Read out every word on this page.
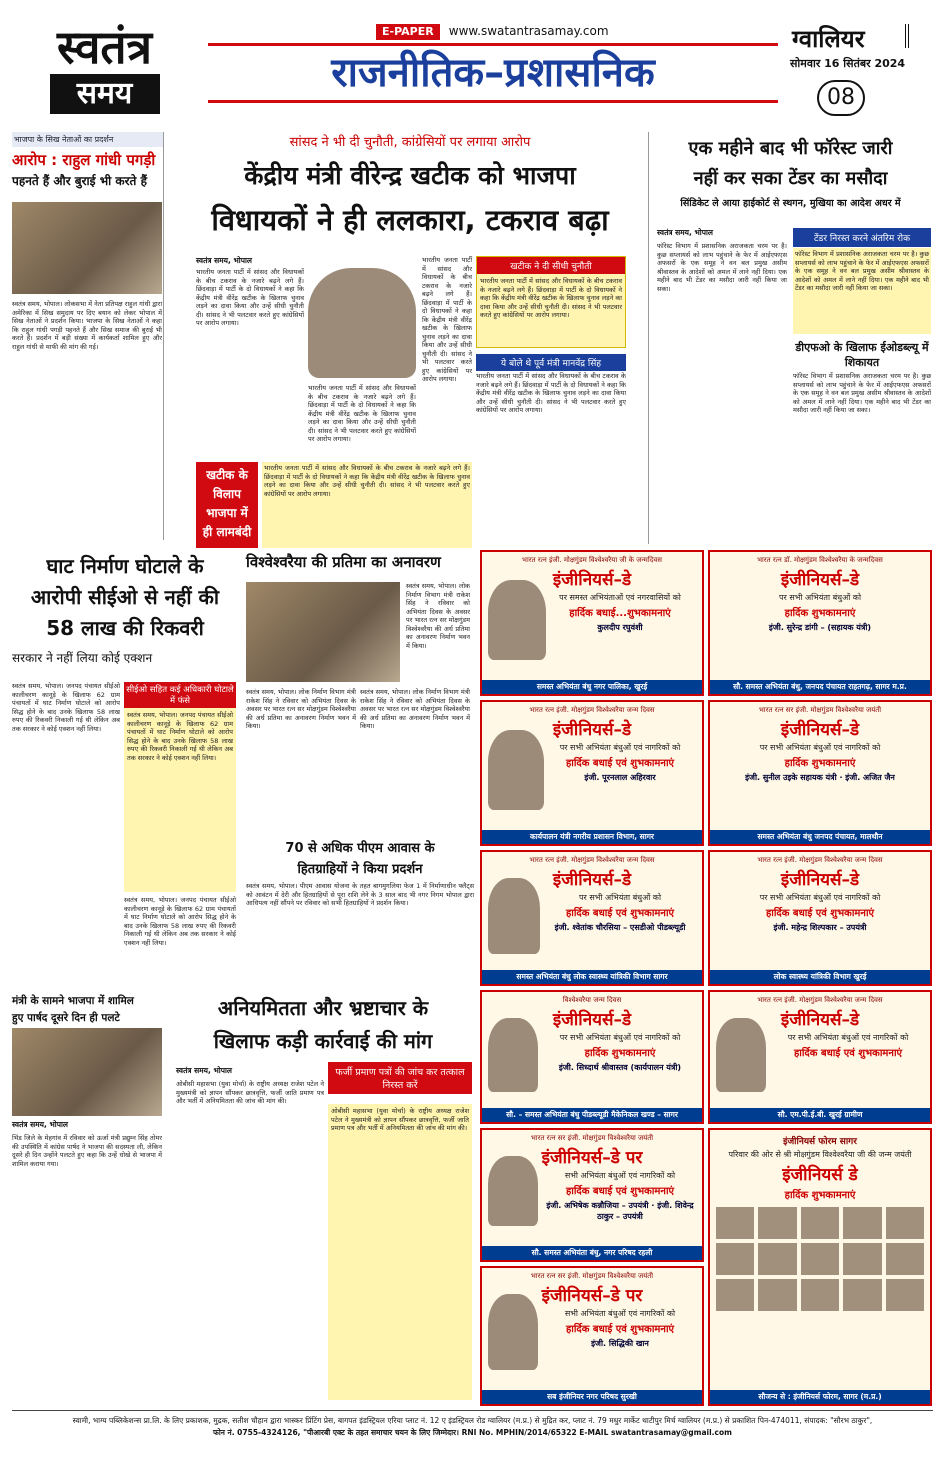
स्वतंत्र
समय
E-PAPER www.swatantrasamay.com
राजनीतिक–प्रशासनिक
ग्वालियर
सोमवार 16 सितंबर 2024
08
भाजपा के सिख नेताओं का प्रदर्शन
आरोप : राहुल गांधी पगड़ी
पहनते हैं और बुराई भी करते हैं
स्वतंत्र समय, भोपाल। लोकसभा में नेता प्रतिपक्ष राहुल गांधी द्वारा अमेरिका में सिख समुदाय पर दिए बयान को लेकर भोपाल में सिख नेताओं ने प्रदर्शन किया। भाजपा के सिख नेताओं ने कहा कि राहुल गांधी पगड़ी पहनते हैं और सिख समाज की बुराई भी करते हैं। प्रदर्शन में बड़ी संख्या में कार्यकर्ता शामिल हुए और राहुल गांधी से माफी की मांग की गई।
सांसद ने भी दी चुनौती, कांग्रेसियों पर लगाया आरोप
केंद्रीय मंत्री वीरेन्द्र खटीक को भाजपा
विधायकों ने ही ललकारा, टकराव बढ़ा
स्वतंत्र समय, भोपाल
भारतीय जनता पार्टी में सांसद और विधायकों के बीच टकराव के नजारे बढ़ने लगे हैं। छिंदवाड़ा में पार्टी के दो विधायकों ने कहा कि केंद्रीय मंत्री वीरेंद्र खटीक के खिलाफ चुनाव लड़ने का दावा किया और उन्हें सीधी चुनौती दी। सांसद ने भी पलटवार करते हुए कांग्रेसियों पर आरोप लगाया।
भारतीय जनता पार्टी में सांसद और विधायकों के बीच टकराव के नजारे बढ़ने लगे हैं। छिंदवाड़ा में पार्टी के दो विधायकों ने कहा कि केंद्रीय मंत्री वीरेंद्र खटीक के खिलाफ चुनाव लड़ने का दावा किया और उन्हें सीधी चुनौती दी। सांसद ने भी पलटवार करते हुए कांग्रेसियों पर आरोप लगाया।
भारतीय जनता पार्टी में सांसद और विधायकों के बीच टकराव के नजारे बढ़ने लगे हैं। छिंदवाड़ा में पार्टी के दो विधायकों ने कहा कि केंद्रीय मंत्री वीरेंद्र खटीक के खिलाफ चुनाव लड़ने का दावा किया और उन्हें सीधी चुनौती दी। सांसद ने भी पलटवार करते हुए कांग्रेसियों पर आरोप लगाया।
खटीक ने दी सीधी चुनौती
भारतीय जनता पार्टी में सांसद और विधायकों के बीच टकराव के नजारे बढ़ने लगे हैं। छिंदवाड़ा में पार्टी के दो विधायकों ने कहा कि केंद्रीय मंत्री वीरेंद्र खटीक के खिलाफ चुनाव लड़ने का दावा किया और उन्हें सीधी चुनौती दी। सांसद ने भी पलटवार करते हुए कांग्रेसियों पर आरोप लगाया।
ये बोले थे पूर्व मंत्री मानवेंद्र सिंह
भारतीय जनता पार्टी में सांसद और विधायकों के बीच टकराव के नजारे बढ़ने लगे हैं। छिंदवाड़ा में पार्टी के दो विधायकों ने कहा कि केंद्रीय मंत्री वीरेंद्र खटीक के खिलाफ चुनाव लड़ने का दावा किया और उन्हें सीधी चुनौती दी। सांसद ने भी पलटवार करते हुए कांग्रेसियों पर आरोप लगाया।
खटीक के
विलाप
भाजपा में
ही लामबंदी
भारतीय जनता पार्टी में सांसद और विधायकों के बीच टकराव के नजारे बढ़ने लगे हैं। छिंदवाड़ा में पार्टी के दो विधायकों ने कहा कि केंद्रीय मंत्री वीरेंद्र खटीक के खिलाफ चुनाव लड़ने का दावा किया और उन्हें सीधी चुनौती दी। सांसद ने भी पलटवार करते हुए कांग्रेसियों पर आरोप लगाया।
एक महीने बाद भी फॉरेस्ट जारी
नहीं कर सका टेंडर का मसौदा
सिंडिकेट ले आया हाईकोर्ट से स्थगन, मुखिया का आदेश अधर में
स्वतंत्र समय, भोपाल
फॉरेस्ट विभाग में प्रशासनिक अराजकता चरम पर है। कुछ सप्लायर्स को लाभ पहुंचाने के फेर में आईएफएस अफसरों के एक समूह ने वन बल प्रमुख असीम श्रीवास्तव के आदेशों को अमल में लाने नहीं दिया। एक महीने बाद भी टेंडर का मसौदा जारी नहीं किया जा सका।
टेंडर निरस्त करने अंतरिम रोक
फॉरेस्ट विभाग में प्रशासनिक अराजकता चरम पर है। कुछ सप्लायर्स को लाभ पहुंचाने के फेर में आईएफएस अफसरों के एक समूह ने वन बल प्रमुख असीम श्रीवास्तव के आदेशों को अमल में लाने नहीं दिया। एक महीने बाद भी टेंडर का मसौदा जारी नहीं किया जा सका।
डीएफओ के खिलाफ ईओडब्ल्यू में शिकायत
फॉरेस्ट विभाग में प्रशासनिक अराजकता चरम पर है। कुछ सप्लायर्स को लाभ पहुंचाने के फेर में आईएफएस अफसरों के एक समूह ने वन बल प्रमुख असीम श्रीवास्तव के आदेशों को अमल में लाने नहीं दिया। एक महीने बाद भी टेंडर का मसौदा जारी नहीं किया जा सका।
घाट निर्माण घोटाले के
आरोपी सीईओ से नहीं की
58 लाख की रिकवरी
सरकार ने नहीं लिया कोई एक्शन
स्वतंत्र समय, भोपाल। जनपद पंचायत सीईओ कालीचरण कानूड़े के खिलाफ 62 ग्राम पंचायतों में घाट निर्माण घोटाले को आरोप सिद्ध होने के बाद उनके खिलाफ 58 लाख रुपए की रिकवरी निकाली गई थी लेकिन अब तक सरकार ने कोई एक्शन नहीं लिया।
सीईओ सहित कई अधिकारी घोटाले में फंसे
स्वतंत्र समय, भोपाल। जनपद पंचायत सीईओ कालीचरण कानूड़े के खिलाफ 62 ग्राम पंचायतों में घाट निर्माण घोटाले को आरोप सिद्ध होने के बाद उनके खिलाफ 58 लाख रुपए की रिकवरी निकाली गई थी लेकिन अब तक सरकार ने कोई एक्शन नहीं लिया।
स्वतंत्र समय, भोपाल। जनपद पंचायत सीईओ कालीचरण कानूड़े के खिलाफ 62 ग्राम पंचायतों में घाट निर्माण घोटाले को आरोप सिद्ध होने के बाद उनके खिलाफ 58 लाख रुपए की रिकवरी निकाली गई थी लेकिन अब तक सरकार ने कोई एक्शन नहीं लिया।
विश्वेश्वरैया की प्रतिमा का अनावरण
स्वतंत्र समय, भोपाल। लोक निर्माण विभाग मंत्री राकेश सिंह ने रविवार को अभियंता दिवस के अवसर पर भारत रत्न सर मोक्षगुंडम विश्वेश्वरैया की अर्ध प्रतिमा का अनावरण निर्माण भवन में किया।
स्वतंत्र समय, भोपाल। लोक निर्माण विभाग मंत्री राकेश सिंह ने रविवार को अभियंता दिवस के अवसर पर भारत रत्न सर मोक्षगुंडम विश्वेश्वरैया की अर्ध प्रतिमा का अनावरण निर्माण भवन में किया।
स्वतंत्र समय, भोपाल। लोक निर्माण विभाग मंत्री राकेश सिंह ने रविवार को अभियंता दिवस के अवसर पर भारत रत्न सर मोक्षगुंडम विश्वेश्वरैया की अर्ध प्रतिमा का अनावरण निर्माण भवन में किया।
70 से अधिक पीएम आवास के
हितग्राहियों ने किया प्रदर्शन
स्वतंत्र समय, भोपाल। पीएम आवास योजना के तहत बागमुगलिया फेज 1 में निर्माणाधीन फ्लैट्स को आवंटन में देरी और हितग्राहियों से पूरा राशि लेने के 3 साल बाद भी नगर निगम भोपाल द्वारा आधिपत्य नहीं सौंपने पर रविवार को सभी हितग्राहियों ने प्रदर्शन किया।
मंत्री के सामने भाजपा में शामिल
हुए पार्षद दूसरे दिन ही पलटे
स्वतंत्र समय, भोपाल
भिंड जिले के मेहगांव में रविवार को ऊर्जा मंत्री प्रद्युम्न सिंह तोमर की उपस्थिति में कांग्रेस पार्षद ने भाजपा की सदस्यता ली, लेकिन दूसरे ही दिन उन्होंने पलटते हुए कहा कि उन्हें धोखे से भाजपा में शामिल कराया गया।
अनियमितता और भ्रष्टाचार के
खिलाफ कड़ी कार्रवाई की मांग
स्वतंत्र समय, भोपाल
ओबीसी महासभा (युवा मोर्चा) के राष्ट्रीय अध्यक्ष राजेश पटेल ने मुख्यमंत्री को ज्ञापन सौंपकर छात्रवृत्ति, फर्जी जाति प्रमाण पत्र और भर्ती में अनियमितता की जांच की मांग की।
फर्जी प्रमाण पत्रों की जांच कर तत्काल निरस्त करें
ओबीसी महासभा (युवा मोर्चा) के राष्ट्रीय अध्यक्ष राजेश पटेल ने मुख्यमंत्री को ज्ञापन सौंपकर छात्रवृत्ति, फर्जी जाति प्रमाण पत्र और भर्ती में अनियमितता की जांच की मांग की।
भारत रत्न इंजी. मोक्षगुंडम विश्वेश्वरैया जी के जन्मदिवस
इंजीनियर्स–डे
पर समस्त अभियंताओं एवं नगरवासियों को
हार्दिक बधाई...शुभकामनाएं
कुलदीप रघुवंशी
समस्त अभियंता बंधु नगर पालिका, खुरई
भारत रत्न डॉ. मोक्षगुंडम विश्वेश्वरैया के जन्मदिवस
इंजीनियर्स–डे
पर सभी अभियंता बंधुओं को
हार्दिक शुभकामनाएं
इंजी. सुरेन्द्र डांगी – (सहायक यंत्री)
सौ. समस्त अभियंता बंधु, जनपद पंचायत राहतगढ़, सागर म.प्र.
भारत रत्न इंजी. मोक्षगुंडम विश्वेश्वरैया जन्म दिवस
इंजीनियर्स–डे
पर सभी अभियंता बंधुओं एवं नागरिकों को
हार्दिक बधाई एवं शुभकामनाएं
इंजी. पूरनलाल अहिरवार
कार्यपालन यंत्री नगरीय प्रशासन विभाग, सागर
भारत रत्न सर इंजी. मोक्षगुंडम विश्वेश्वरैया जयंती
इंजीनियर्स–डे
पर सभी अभियंता बंधुओं एवं नागरिकों को
हार्दिक शुभकामनाएं
इंजी. सुनील उइके सहायक यंत्री · इंजी. अजित जैन
समस्त अभियंता बंधु जनपद पंचायत, मालथौन
भारत रत्न इंजी. मोक्षगुंडम विश्वेश्वरैया जन्म दिवस
इंजीनियर्स–डे
पर सभी अभियंता बंधुओं को
हार्दिक बधाई एवं शुभकामनाएं
इंजी. श्वेतांक चौरसिया – एसडीओ पीडब्ल्यूडी
समस्त अभियंता बंधु लोक स्वास्थ्य यांत्रिकी विभाग सागर
भारत रत्न इंजी. मोक्षगुंडम विश्वेश्वरैया जन्म दिवस
इंजीनियर्स–डे
पर सभी अभियंता बंधुओं एवं नागरिकों को
हार्दिक बधाई एवं शुभकामनाएं
इंजी. महेन्द्र शिल्पकार – उपयंत्री
लोक स्वास्थ्य यांत्रिकी विभाग खुरई
विश्वेश्वरैया जन्म दिवस
इंजीनियर्स–डे
पर सभी अभियंता बंधुओं एवं नागरिकों को
हार्दिक शुभकामनाएं
इंजी. सिध्दार्थ श्रीवास्तव (कार्यपालन यंत्री)
सौ. – समस्त अभियंता बंधु पीडब्ल्यूडी मैकेनिकल खण्ड – सागर
भारत रत्न इंजी. मोक्षगुंडम विश्वेश्वरैया जन्म दिवस
इंजीनियर्स–डे
पर सभी अभियंता बंधुओं एवं नागरिकों को
हार्दिक बधाई एवं शुभकामनाएं
सौ. एम.पी.ई.बी. खुरई ग्रामीण
भारत रत्न सर इंजी. मोक्षगुंडम विश्वेश्वरैया जयंती
इंजीनियर्स–डे पर
सभी अभियंता बंधुओं एवं नागरिकों को
हार्दिक बधाई एवं शुभकामनाएं
इंजी. अभिषेक कन्नौजिया – उपयंत्री · इंजी. शिवेन्द्र ठाकुर – उपयंत्री
सौ. समस्त अभियंता बंधु, नगर परिषद रहली
भारत रत्न सर इंजी. मोक्षगुंडम विश्वेश्वरैया जयंती
इंजीनियर्स–डे पर
सभी अभियंता बंधुओं एवं नागरिकों को
हार्दिक बधाई एवं शुभकामनाएं
इंजी. सिद्धिकी खान
सब इंजीनियर नगर परिषद सुरखी
इंजीनियर्स फोरम सागर
परिवार की ओर से श्री मोक्षगुंडम विश्वेश्वरैया जी की जन्म जयंती
इंजीनियर्स डे
हार्दिक शुभकामनाएं
सौजन्य से : इंजीनियर्स फोरम, सागर (म.प्र.)
स्वामी, भाग्य पब्लिकेशन्स प्रा.लि. के लिए प्रकाशक, मुद्रक, सतीश चौहान द्वारा भास्कर प्रिंटिंग प्रेस, बागपत इंडस्ट्रियल एरिया प्लाट नं. 12 ए इंडस्ट्रियल रोड ग्वालियर (म.प्र.) से मुद्रित कर, प्लाट नं. 79 मधुर मार्केट थाटीपुर मिर्च ग्वालियर (म.प्र.) से प्रकाशित पिन-474011, संपादक: "सौरभ ठाकुर",
फोन नं. 0755-4324126, "पीआरबी एक्ट के तहत समाचार चयन के लिए जिम्मेदार। RNI No. MPHIN/2014/65322 E-MAIL swatantrasamay@gmail.com
